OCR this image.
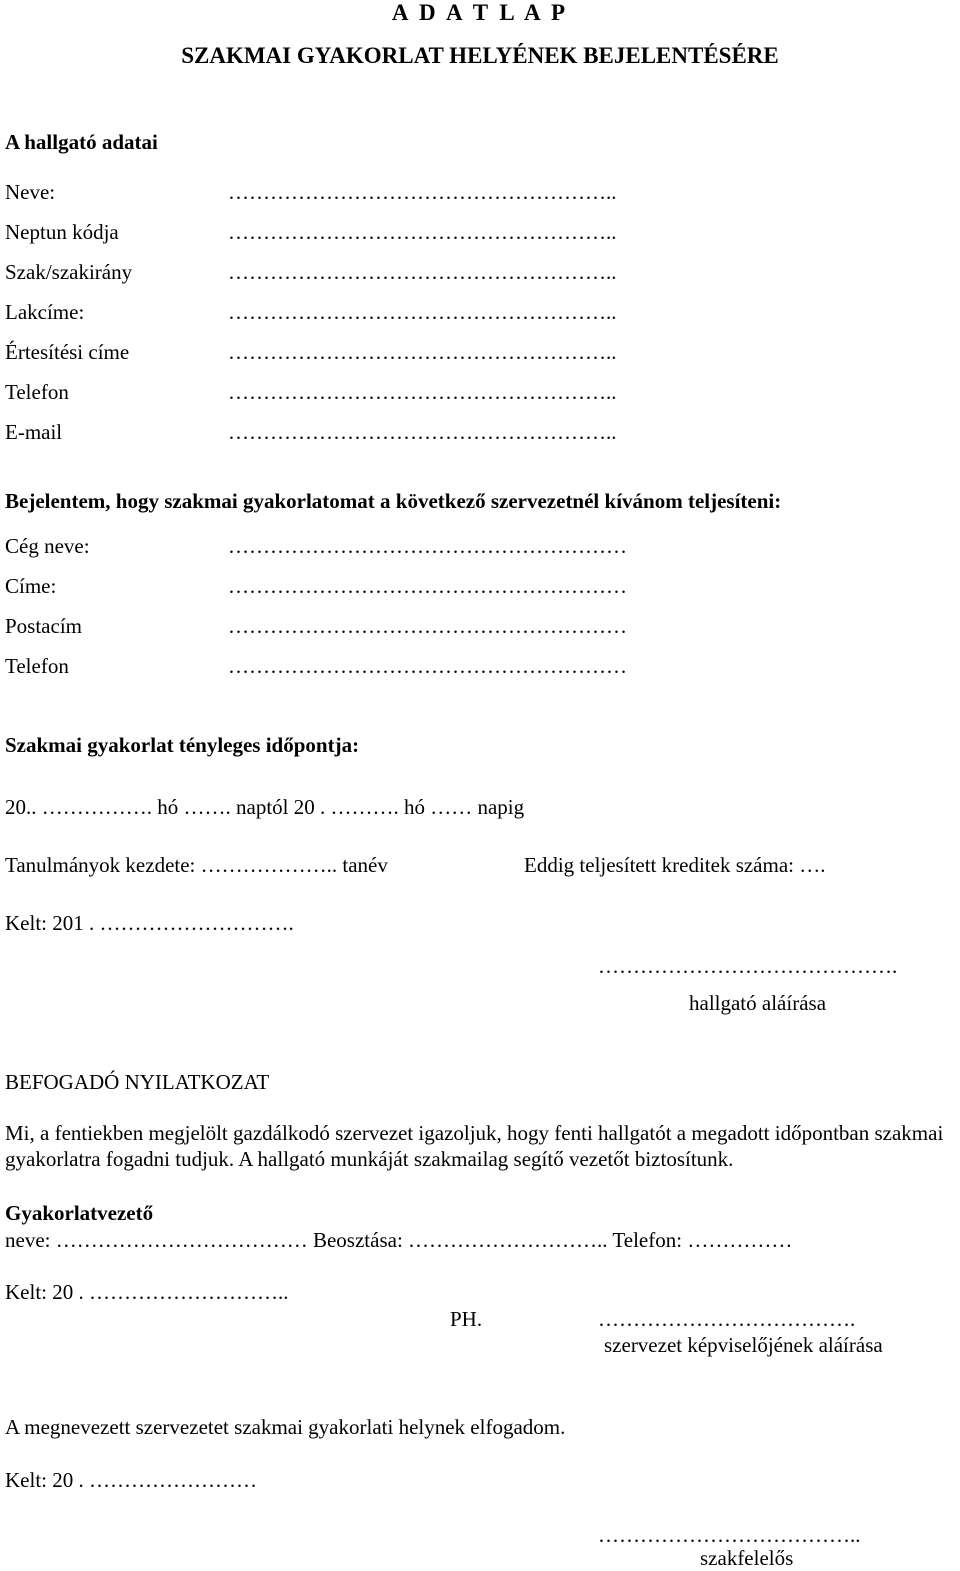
A D A T L A P
SZAKMAI GYAKORLAT HELYÉNEK BEJELENTÉSÉRE
A hallgató adatai
Neve:	………………………………………………..
Neptun kódja	………………………………………………..
Szak/szakirány	………………………………………………..
Lakcíme:	………………………………………………..
Értesítési címe	………………………………………………..
Telefon	………………………………………………..
E-mail	………………………………………………..
Bejelentem, hogy szakmai gyakorlatomat a következő szervezetnél kívánom teljesíteni:
Cég neve:	…………………………………………………
Címe:	…………………………………………………
Postacím	…………………………………………………
Telefon	…………………………………………………
Szakmai gyakorlat tényleges időpontja:
20.. ……………. hó ……. naptól 20 . ………. hó …… napig
Tanulmányok kezdete: ……………….. tanév	Eddig teljesített kreditek száma: ….
Kelt: 201 . ……………………….
…………………………………….
hallgató aláírása
BEFOGADÓ NYILATKOZAT
Mi, a fentiekben megjelölt gazdálkodó szervezet igazoljuk, hogy fenti hallgatót a megadott időpontban szakmai gyakorlatra fogadni tudjuk. A hallgató munkáját szakmailag segítő vezetőt biztosítunk.
Gyakorlatvezető
neve: ……………………………… Beosztása: ……………………….. Telefon: ……………
Kelt: 20 . ………………………..
PH.	……………………………….
szervezet képviselőjének aláírása
A megnevezett szervezetet szakmai gyakorlati helynek elfogadom.
Kelt: 20 . ……………………
………………………………..
szakfelelős
